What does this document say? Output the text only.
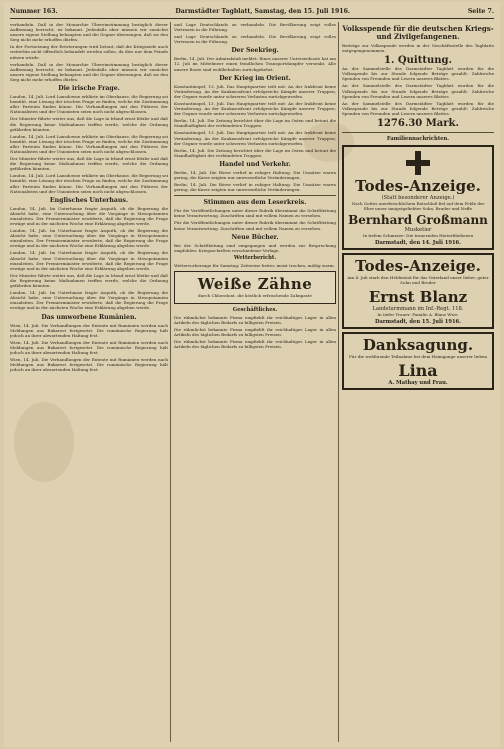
Nummer 163.	Darmstädter Tagblatt, Samstag, den 15. Juli 1916.	Seite 7.

verhandeln. Daß in der Monarchie Übereinstimmung bezüglich dieser Auffassung herrscht, ist bekannt. Jedenfalls aber müssen wir zunächst unsere eigene Stellung behaupten und die Gegner überzeugen, daß sie den Sieg nicht mehr erhoffen dürfen.

In der Fortsetzung der Erörterungen wird betont, daß die Kriegsziele auch weiterhin nicht öffentlich behandelt werden sollen, da dies nur dem Feinde nützen würde.

verhandeln. Daß in der Monarchie Übereinstimmung bezüglich dieser Auffassung herrscht, ist bekannt. Jedenfalls aber müssen wir zunächst unsere eigene Stellung behaupten und die Gegner überzeugen, daß sie den Sieg nicht mehr erhoffen dürfen.

Die irische Frage.

London, 14. Juli. Lord Lansdowne erklärte im Oberhause, die Regierung sei bemüht, eine Lösung der irischen Frage zu finden, welche die Zustimmung aller Parteien finden könne. Die Verhandlungen mit den Führern der Nationalisten und der Unionisten seien noch nicht abgeschlossen.

Der Minister führte weiter aus, daß die Lage in Irland ernst bleibe und daß die Regierung keine Maßnahmen treffen werde, welche die Ordnung gefährden könnten.

London, 14. Juli. Lord Lansdowne erklärte im Oberhause, die Regierung sei bemüht, eine Lösung der irischen Frage zu finden, welche die Zustimmung aller Parteien finden könne. Die Verhandlungen mit den Führern der Nationalisten und der Unionisten seien noch nicht abgeschlossen.

Der Minister führte weiter aus, daß die Lage in Irland ernst bleibe und daß die Regierung keine Maßnahmen treffen werde, welche die Ordnung gefährden könnten.

London, 14. Juli. Lord Lansdowne erklärte im Oberhause, die Regierung sei bemüht, eine Lösung der irischen Frage zu finden, welche die Zustimmung aller Parteien finden könne. Die Verhandlungen mit den Führern der Nationalisten und der Unionisten seien noch nicht abgeschlossen.

Englisches Unterhaus.

London, 14. Juli. Im Unterhause fragte Asquith, ob die Regierung die Absicht habe, eine Untersuchung über die Vorgänge in Mesopotamien einzuleiten. Der Premierminister erwiderte, daß die Regierung die Frage erwäge und in der nächsten Woche eine Erklärung abgeben werde.

London, 14. Juli. Im Unterhause fragte Asquith, ob die Regierung die Absicht habe, eine Untersuchung über die Vorgänge in Mesopotamien einzuleiten. Der Premierminister erwiderte, daß die Regierung die Frage erwäge und in der nächsten Woche eine Erklärung abgeben werde.

London, 14. Juli. Im Unterhause fragte Asquith, ob die Regierung die Absicht habe, eine Untersuchung über die Vorgänge in Mesopotamien einzuleiten. Der Premierminister erwiderte, daß die Regierung die Frage erwäge und in der nächsten Woche eine Erklärung abgeben werde.

Der Minister führte weiter aus, daß die Lage in Irland ernst bleibe und daß die Regierung keine Maßnahmen treffen werde, welche die Ordnung gefährden könnten.

London, 14. Juli. Im Unterhause fragte Asquith, ob die Regierung die Absicht habe, eine Untersuchung über die Vorgänge in Mesopotamien einzuleiten. Der Premierminister erwiderte, daß die Regierung die Frage erwäge und in der nächsten Woche eine Erklärung abgeben werde.

Das umworbene Rumänien.

Wien, 14. Juli. Die Verhandlungen der Entente mit Rumänien werden nach Meldungen aus Bukarest fortgesetzt. Die rumänische Regierung hält jedoch an ihrer abwartenden Haltung fest.

Wien, 14. Juli. Die Verhandlungen der Entente mit Rumänien werden nach Meldungen aus Bukarest fortgesetzt. Die rumänische Regierung hält jedoch an ihrer abwartenden Haltung fest.

Wien, 14. Juli. Die Verhandlungen der Entente mit Rumänien werden nach Meldungen aus Bukarest fortgesetzt. Die rumänische Regierung hält jedoch an ihrer abwartenden Haltung fest.

und Lage Deutschlands zu verhandeln. Die Bevölkerung zeigt volles Vertrauen in die Führung.

und Lage Deutschlands zu verhandeln. Die Bevölkerung zeigt volles Vertrauen in die Führung.

Der Seekrieg.

Berlin, 14. Juli. Der Admiralstab meldet: Eines unserer Unterseeboote hat am 12. Juli im Mittelmeer einen feindlichen Transportdampfer versenkt. Alle unsere Boote sind wohlbehalten zurückgekehrt.

Der Krieg im Orient.

Konstantinopel, 13. Juli. Das Hauptquartier teilt mit: An der Irakfront keine Veränderung. An der Kaukasusfront erfolgreiche Kämpfe unserer Truppen; der Gegner wurde unter schweren Verlusten zurückgeworfen.

Konstantinopel, 13. Juli. Das Hauptquartier teilt mit: An der Irakfront keine Veränderung. An der Kaukasusfront erfolgreiche Kämpfe unserer Truppen; der Gegner wurde unter schweren Verlusten zurückgeworfen.

Berlin, 14. Juli. Die Zeitung berichtet über die Lage im Osten und betont die Standhaftigkeit der verbündeten Truppen.

Konstantinopel, 13. Juli. Das Hauptquartier teilt mit: An der Irakfront keine Veränderung. An der Kaukasusfront erfolgreiche Kämpfe unserer Truppen; der Gegner wurde unter schweren Verlusten zurückgeworfen.

Berlin, 14. Juli. Die Zeitung berichtet über die Lage im Osten und betont die Standhaftigkeit der verbündeten Truppen.

Handel und Verkehr.

Berlin, 14. Juli. Die Börse verlief in ruhiger Haltung. Die Umsätze waren gering, die Kurse zeigten nur unwesentliche Veränderungen.

Berlin, 14. Juli. Die Börse verlief in ruhiger Haltung. Die Umsätze waren gering, die Kurse zeigten nur unwesentliche Veränderungen.

Stimmen aus dem Leserkreis.

Für die Veröffentlichungen unter dieser Rubrik übernimmt die Schriftleitung keine Verantwortung. Zuschriften sind mit vollem Namen zu versehen.

Für die Veröffentlichungen unter dieser Rubrik übernimmt die Schriftleitung keine Verantwortung. Zuschriften sind mit vollem Namen zu versehen.

Neue Bücher.

Bei der Schriftleitung sind eingegangen und werden zur Besprechung empfohlen: Kriegsschriften verschiedener Verlage.

Wetterbericht.

Wettervorhersage für Samstag: Zeitweise heiter, meist trocken, mäßig warm.

Weiße Zähne
durch Chlorodont, die köstlich erfrischende Zahnpaste
Geschäftliches.

Die rühmlichst bekannte Firma empfiehlt ihr reichhaltiges Lager in allen Artikeln des täglichen Bedarfs zu billigsten Preisen.

Die rühmlichst bekannte Firma empfiehlt ihr reichhaltiges Lager in allen Artikeln des täglichen Bedarfs zu billigsten Preisen.

Die rühmlichst bekannte Firma empfiehlt ihr reichhaltiges Lager in allen Artikeln des täglichen Bedarfs zu billigsten Preisen.

Volksspende für die deutschen Kriegs- und Zivilgefangenen.

Beiträge zur Volksspende werden in der Geschäftsstelle des Tagblatts entgegengenommen.

1. Quittung.

An der Sammelstelle des Darmstädter Tagblatt wurden für die Volksspende bis zur Stunde folgende Beträge gezahlt: Zahlreiche Spenden von Freunden und Lesern unseres Blattes.

An der Sammelstelle des Darmstädter Tagblatt wurden für die Volksspende bis zur Stunde folgende Beträge gezahlt: Zahlreiche Spenden von Freunden und Lesern unseres Blattes.

An der Sammelstelle des Darmstädter Tagblatt wurden für die Volksspende bis zur Stunde folgende Beträge gezahlt: Zahlreiche Spenden von Freunden und Lesern unseres Blattes.

1276.30 Mark.
Familiennachrichten.
Todes-Anzeige.
(Statt besonderer Anzeige.)

Nach Gottes unerforschlichem Ratschluß fiel auf dem Felde der Ehre unser innigstgeliebter Sohn, Bruder und Neffe

Bernhard Großmann
Musketier

In tiefem Schmerze: Die trauernden Hinterbliebenen

Darmstadt, den 14. Juli 1916.
Todes-Anzeige.

Am 4. Juli starb den Heldentod für das Vaterland unser lieber, guter Sohn und Bruder

Ernst Blanz
Landsturmmann im Inf.-Regt. 118.

In tiefer Trauer: Familie A. Blanz Wwe.

Darmstadt, den 15. Juli 1916.
Danksagung.

Für die wohltuende Teilnahme bei dem Heimgange unserer lieben

Lina
A. Mathay und Frau.
